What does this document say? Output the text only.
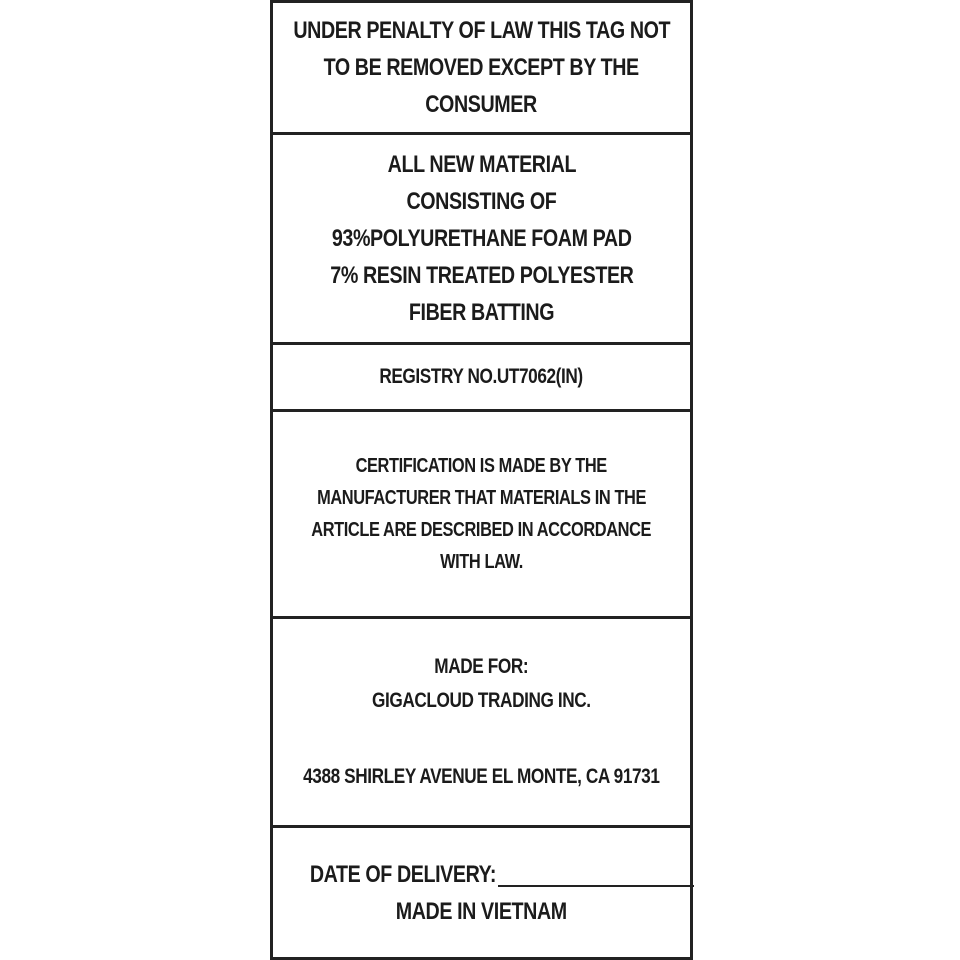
UNDER PENALTY OF LAW THIS TAG NOT
TO BE REMOVED EXCEPT BY THE
CONSUMER
ALL NEW MATERIAL
CONSISTING OF
93%POLYURETHANE FOAM PAD
7% RESIN TREATED POLYESTER
FIBER BATTING
REGISTRY NO.UT7062(IN)
CERTIFICATION IS MADE BY THE
MANUFACTURER THAT MATERIALS IN THE
ARTICLE ARE DESCRIBED IN ACCORDANCE
WITH LAW.
MADE FOR:
GIGACLOUD TRADING INC.
4388 SHIRLEY AVENUE EL MONTE, CA 91731
DATE OF DELIVERY:
MADE IN VIETNAM
